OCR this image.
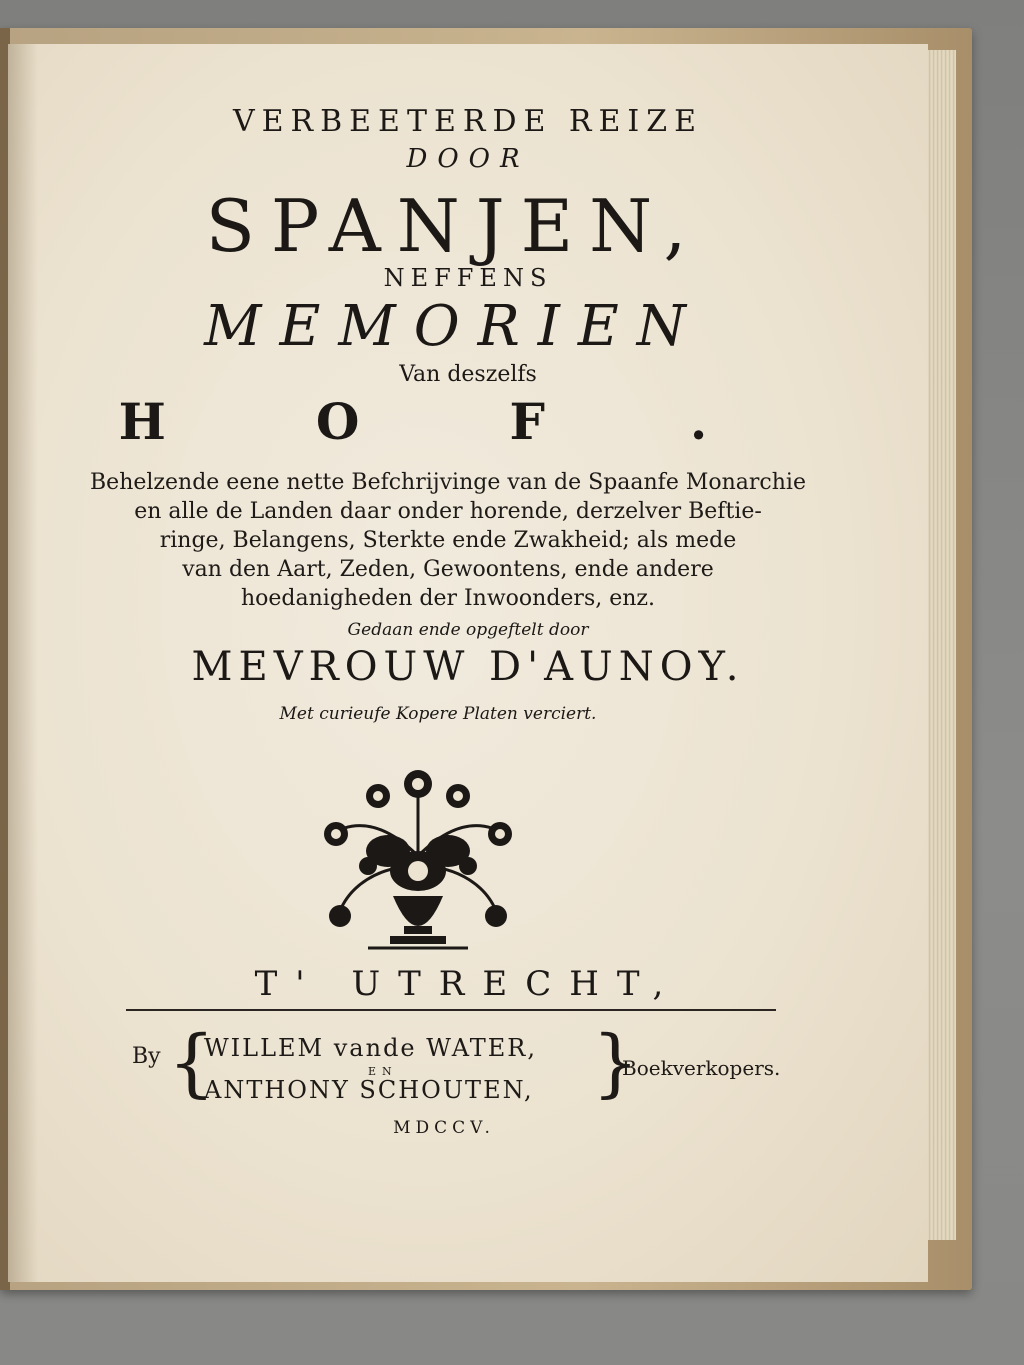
VERBEETERDE REIZE
DOOR
SPANJEN,
NEFFENS
MEMORIEN
Van deszelfs
HOF.
Behelzende eene nette Befchrijvinge van de Spaanfe Monarchie
en alle de Landen daar onder horende, derzelver Beftie-
ringe, Belangens, Sterkte ende Zwakheid; als mede
van den Aart, Zeden, Gewoontens, ende andere
hoedanigheden der Inwoonders, enz.
Gedaan ende opgeftelt door
MEVROUW D'AUNOY.
Met curieufe Kopere Platen verciert.
T' UTRECHT,
By {
WILLEM vande WATER,
EN
ANTHONY SCHOUTEN, }
Boekverkopers.
MDCCV.
